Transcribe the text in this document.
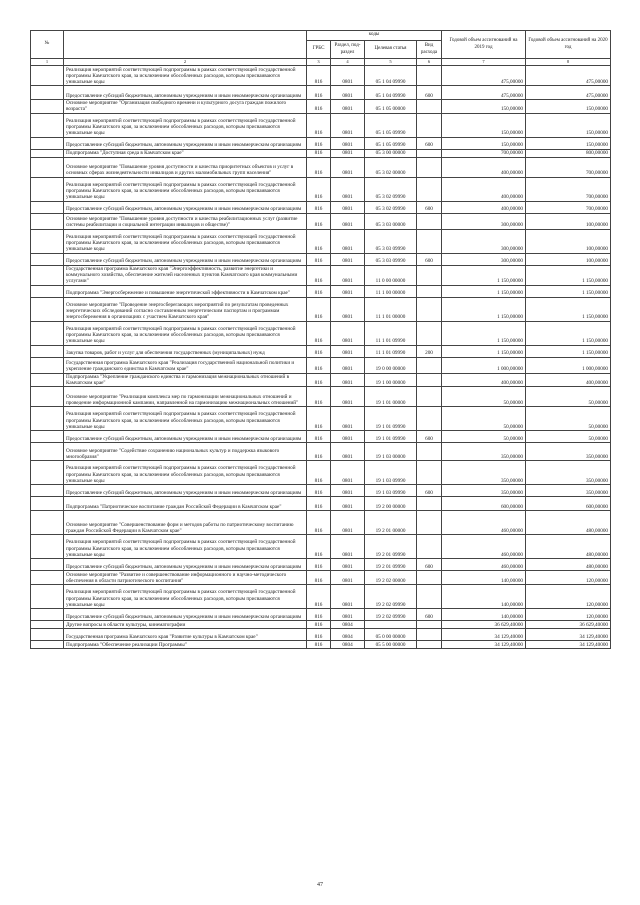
№		коды				Годовой объем ассигнований на 2019 год	Годовой объем ассигнований на 2020 год
		ГРБС	Раздел, под-раздел	Целевая статья	Вид расхода		
1	2	3	4	5	6	7	8
	Реализация мероприятий соответствующей подпрограммы в рамках соответствующей государственной программы Камчатского края, за исключением обособленных расходов, которым присваиваются уникальные коды	816	0801	05 1 04 09990		475,00000	475,00000
	Предоставление субсидий бюджетным, автономным учреждениям и иным некоммерческим организациям	816	0801	05 1 04 09990	600	475,00000	475,00000
	Основное мероприятие "Организация свободного времени и культурного досуга граждан пожилого возраста"	816	0801	05 1 05 00000		150,00000	150,00000
	Реализация мероприятий соответствующей подпрограммы в рамках соответствующей государственной программы Камчатского края, за исключением обособленных расходов, которым присваиваются уникальные коды	816	0801	05 1 05 09990		150,00000	150,00000
	Предоставление субсидий бюджетным, автономным учреждениям и иным некоммерческим организациям	816	0801	05 1 05 09990	600	150,00000	150,00000
	Подпрограмма "Доступная среда в Камчатском крае"	816	0801	05 3 00 00000		700,00000	800,00000
	Основное мероприятие "Повышение уровня доступности и качества приоритетных объектов и услуг в основных сферах жизнедеятельности инвалидов и других маломобильных групп населения"	816	0801	05 3 02 00000		400,00000	700,00000
	Реализация мероприятий соответствующей подпрограммы в рамках соответствующей государственной программы Камчатского края, за исключением обособленных расходов, которым присваиваются уникальные коды	816	0801	05 3 02 09990		400,00000	700,00000
	Предоставление субсидий бюджетным, автономным учреждениям и иным некоммерческим организациям	816	0801	05 3 02 09990	600	400,00000	700,00000
	Основное мероприятие "Повышение уровня доступности и качества реабилитационных услуг (развитие системы реабилитации и социальной интеграции инвалидов и обществе)"	816	0801	05 3 03 00000		300,00000	100,00000
	Реализация мероприятий соответствующей подпрограммы в рамках соответствующей государственной программы Камчатского края, за исключением обособленных расходов, которым присваиваются уникальные коды	816	0801	05 3 03 09990		300,00000	100,00000
	Предоставление субсидий бюджетным, автономным учреждениям и иным некоммерческим организациям	816	0801	05 3 03 09990	600	300,00000	100,00000
	Государственная программа Камчатского края "Энергоэффективность, развитие энергетики и коммунального хозяйства, обеспечение жителей населенных пунктов Камчатского края коммунальными услугами"	816	0801	11 0 00 00000		1 150,00000	1 150,00000
	Подпрограмма "Энергосбережение и повышение энергетической эффективности в Камчатском крае"	816	0801	11 1 00 00000		1 150,00000	1 150,00000
	Основное мероприятие "Проведение энергосберегающих мероприятий по результатам проведенных энергетических обследований согласно составленным энергетическим паспортам и программам энергосбережения в организациях с участием Камчатского края"	816	0801	11 1 01 00000		1 150,00000	1 150,00000
	Реализация мероприятий соответствующей подпрограммы в рамках соответствующей государственной программы Камчатского края, за исключением обособленных расходов, которым присваиваются уникальные коды	816	0801	11 1 01 09990		1 150,00000	1 150,00000
	Закупка товаров, работ и услуг для обеспечения государственных (муниципальных) нужд	816	0801	11 1 01 09990	200	1 150,00000	1 150,00000
	Государственная программа Камчатского края "Реализация государственной национальной политики и укрепление гражданского единства в Камчатском крае"	816	0801	19 0 00 00000		1 000,00000	1 000,00000
	Подпрограмма "Укрепление гражданского единства и гармонизация межнациональных отношений в Камчатском крае"	816	0801	19 1 00 00000		400,00000	400,00000
	Основное мероприятие "Реализация комплекса мер по гармонизации межнациональных отношений и проведение информационной кампании, направленной на гармонизацию межнациональных отношений"	816	0801	19 1 01 00000		50,00000	50,00000
	Реализация мероприятий соответствующей подпрограммы в рамках соответствующей государственной программы Камчатского края, за исключением обособленных расходов, которым присваиваются уникальные коды	816	0801	19 1 01 09990		50,00000	50,00000
	Предоставление субсидий бюджетным, автономным учреждениям и иным некоммерческим организациям	816	0801	19 1 01 09990	600	50,00000	50,00000
	Основное мероприятие "Содействие сохранению национальных культур и поддержка языкового многообразия"	816	0801	19 1 03 00000		350,00000	350,00000
	Реализация мероприятий соответствующей подпрограммы в рамках соответствующей государственной программы Камчатского края, за исключением обособленных расходов, которым присваиваются уникальные коды	816	0801	19 1 03 09990		350,00000	350,00000
	Предоставление субсидий бюджетным, автономным учреждениям и иным некоммерческим организациям	816	0801	19 1 03 09990	600	350,00000	350,00000
	Подпрограмма "Патриотическое воспитание граждан Российской Федерации в Камчатском крае"	816	0801	19 2 00 00000		600,00000	600,00000
	Основное мероприятие "Совершенствование форм и методов работы по патриотическому воспитанию граждан Российской Федерации в Камчатском крае"	816	0801	19 2 01 00000		460,00000	480,00000
	Реализация мероприятий соответствующей подпрограммы в рамках соответствующей государственной программы Камчатского края, за исключением обособленных расходов, которым присваиваются уникальные коды	816	0801	19 2 01 09990		460,00000	480,00000
	Предоставление субсидий бюджетным, автономным учреждениям и иным некоммерческим организациям	816	0801	19 2 01 09990	600	460,00000	480,00000
	Основное мероприятие "Развитие и совершенствование информационного и научно-методического обеспечения в области патриотического воспитания"	816	0801	19 2 02 00000		140,00000	120,00000
	Реализация мероприятий соответствующей подпрограммы в рамках соответствующей государственной программы Камчатского края, за исключением обособленных расходов, которым присваиваются уникальные коды	816	0801	19 2 02 09990		140,00000	120,00000
	Предоставление субсидий бюджетным, автономным учреждениям и иным некоммерческим организациям	816	0801	19 2 02 09990	600	140,00000	120,00000
	Другие вопросы в области культуры, кинематографии	816	0804			36 629,40000	36 629,40000
	Государственная программа Камчатского края "Развитие культуры в Камчатском крае"	816	0804	05 0 00 00000		34 129,40000	34 129,40000
	Подпрограмма "Обеспечение реализации Программы"	816	0804	05 5 00 00000		34 129,40000	34 129,40000
47
